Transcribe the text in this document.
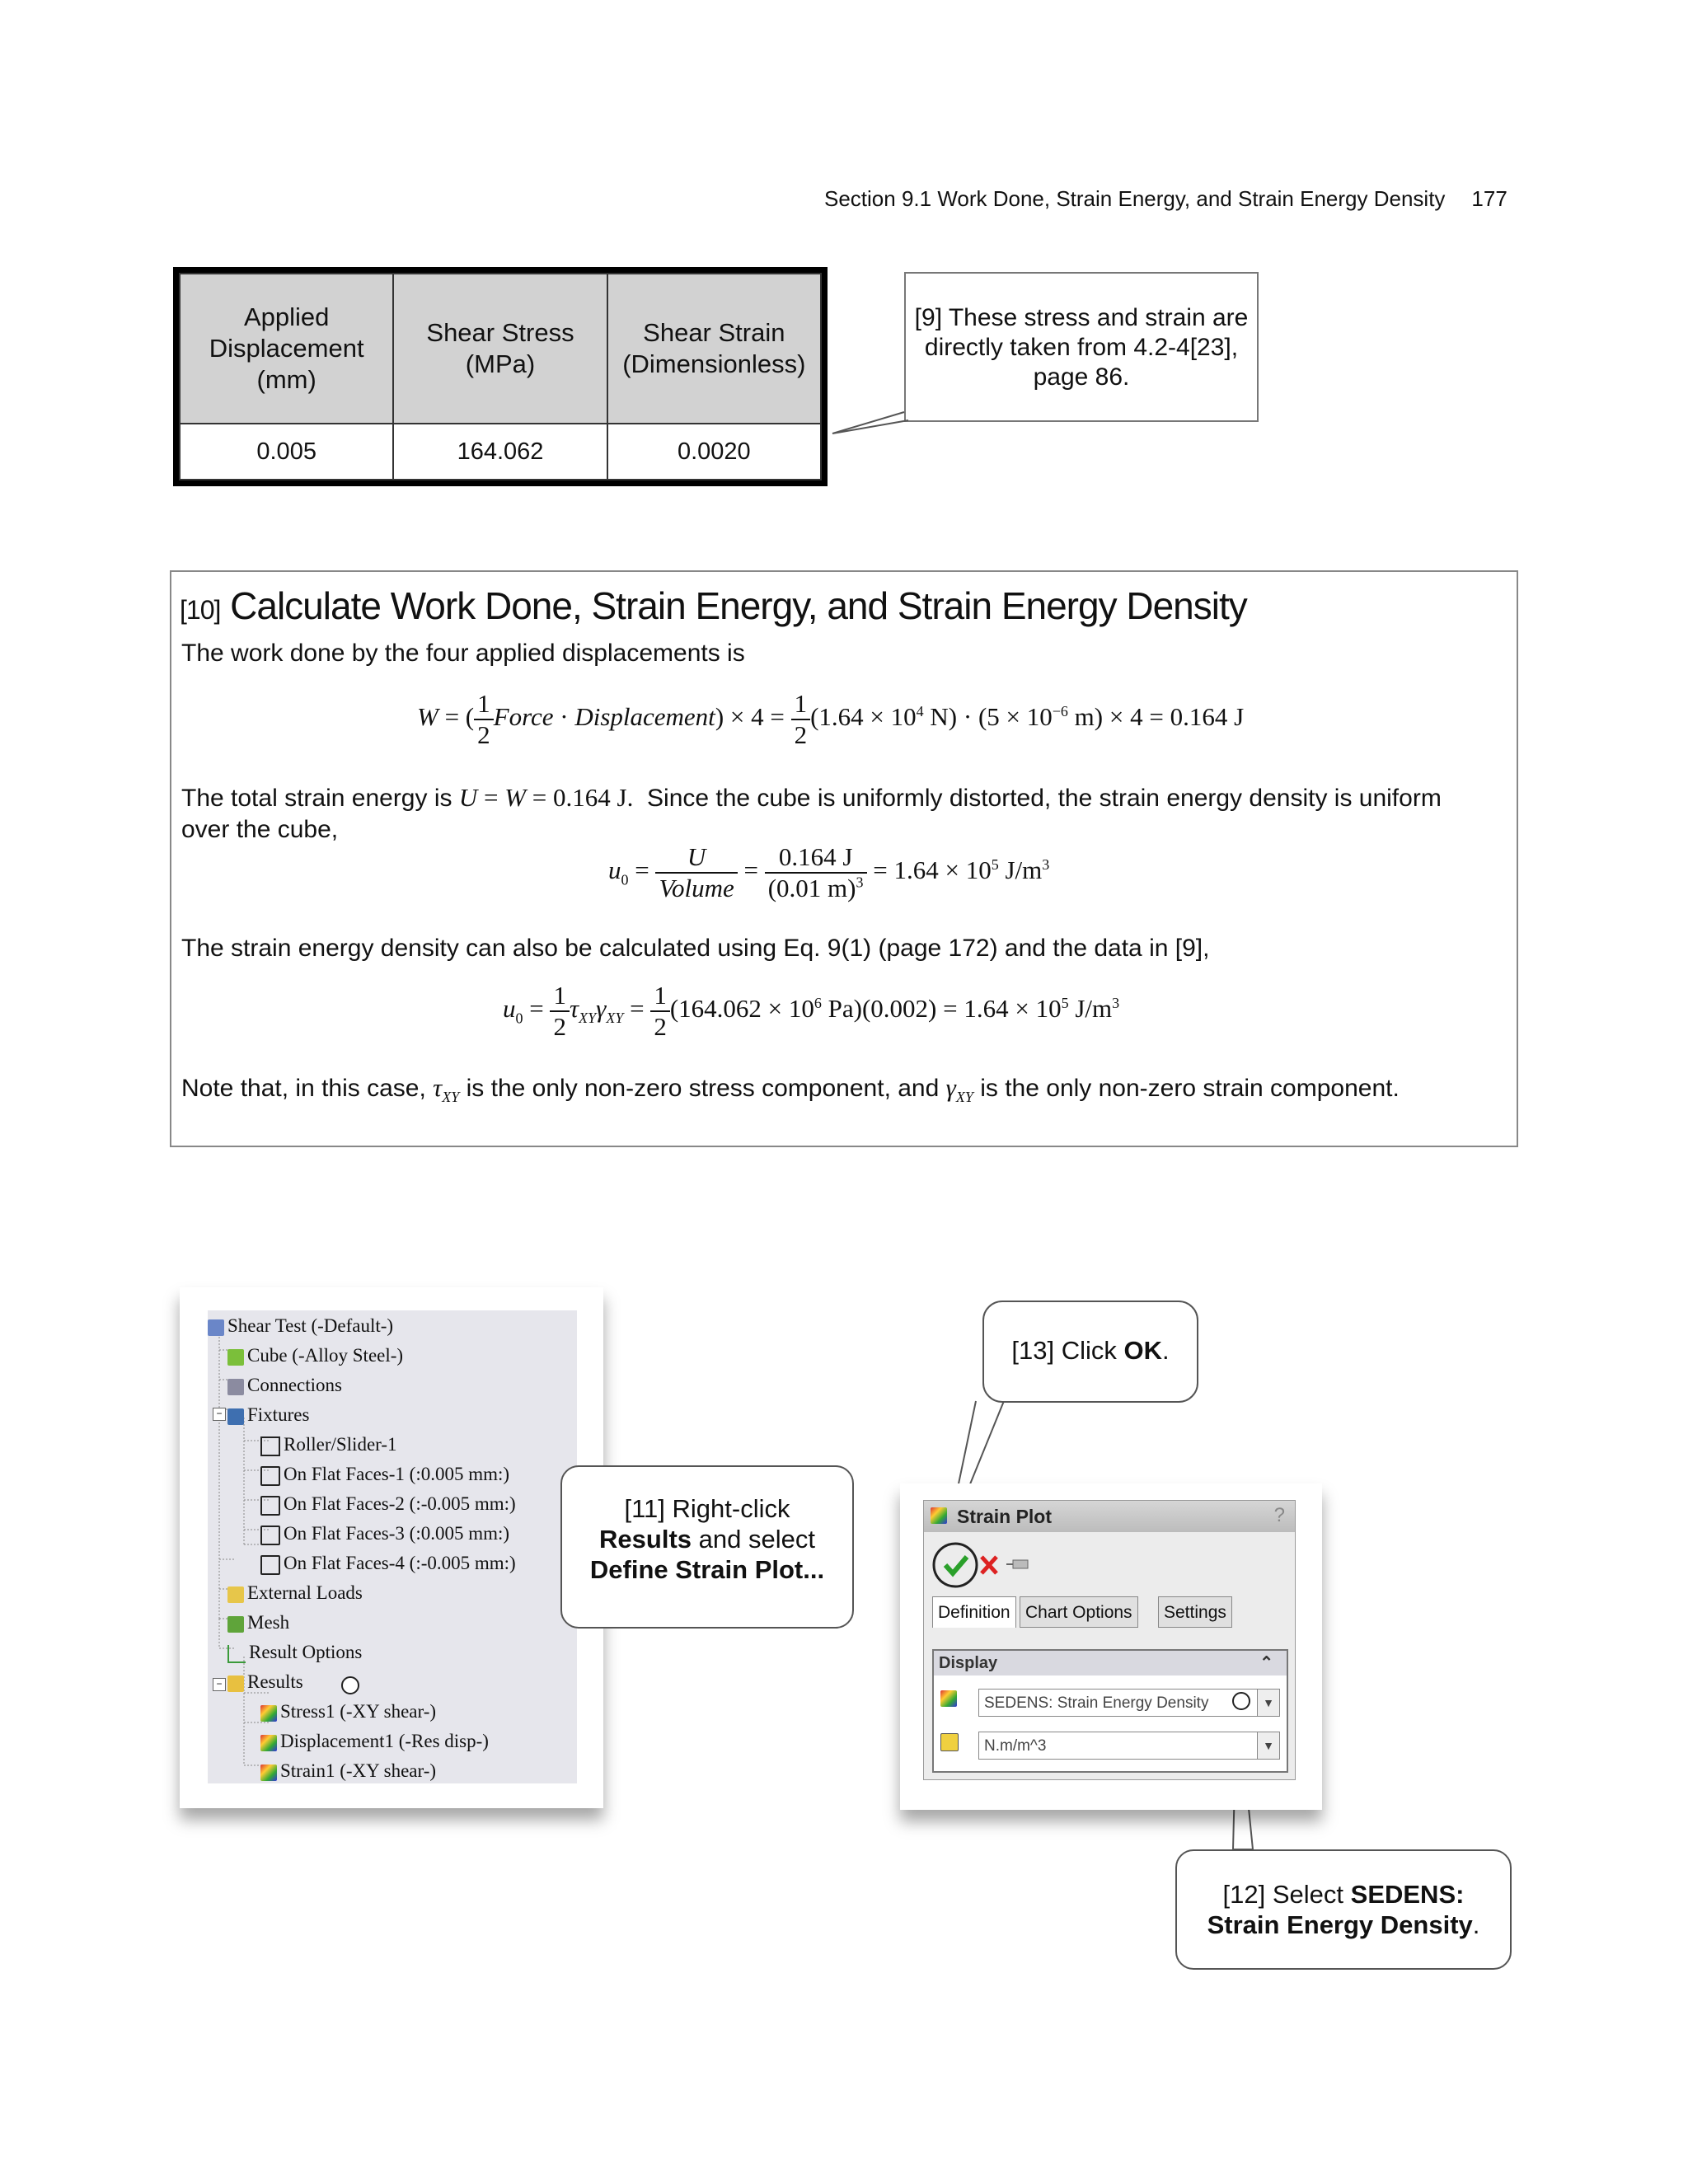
Section 9.1 Work Done, Strain Energy, and Strain Energy Density 177
Applied Displacement (mm)	Shear Stress (MPa)	Shear Strain (Dimensionless)
0.005	164.062	0.0020
[9] These stress and strain are directly taken from 4.2-4[23], page 86.
[10] Calculate Work Done, Strain Energy, and Strain Energy Density
The work done by the four applied displacements is
W = ( $\frac{1}{2}$ Force · Displacement) × $4 = \frac{1}{2} (1.64 \times 10^4$ $N) \cdot (5 \times 10^{-6}$ m) × 4 = 0.164 J
The total strain energy is U = W = 0.164 J. Since the cube is uniformly distorted, the strain energy density is uniform
over the cube,
$u_0 = \frac{U}{\text{Volume}} = \frac{0.164 J}{(0.01 m)^3} = 1.64 \times 10^5$ $J/m^3$
The strain energy density can also be calculated using Eq. 9(1) (page 172) and the data in [9],
$u_0 = \frac{1}{2} \tau_{XY}\gamma_{XY} = \frac{1}{2} (164.062 \times 10^6$ $Pa)(0.002) = 1.64 \times 10^5$ $J/m^3$
Note that, in this case, $\tau_{XY}$ is the only non-zero stress component, and $\gamma_{XY}$ is the only non-zero strain component.
−
−
Shear Test (-Default-)
Cube (-Alloy Steel-)
Connections
Fixtures
Roller/Slider-1
On Flat Faces-1 (:0.005 mm:)
On Flat Faces-2 (:-0.005 mm:)
On Flat Faces-3 (:0.005 mm:)
On Flat Faces-4 (:-0.005 mm:)
External Loads
Mesh
Result Options
Results
Stress1 (-XY shear-)
Displacement1 (-Res disp-)
Strain1 (-XY shear-)
[11] Right-click
Results and select
Define Strain Plot...
[13] Click OK.
Strain Plot	?
Definition Chart Options	Settings
Display	⌃
SEDENS: Strain Energy Density	▼
N.m/m^3	▼
[12] Select SEDENS:
Strain Energy Density.
